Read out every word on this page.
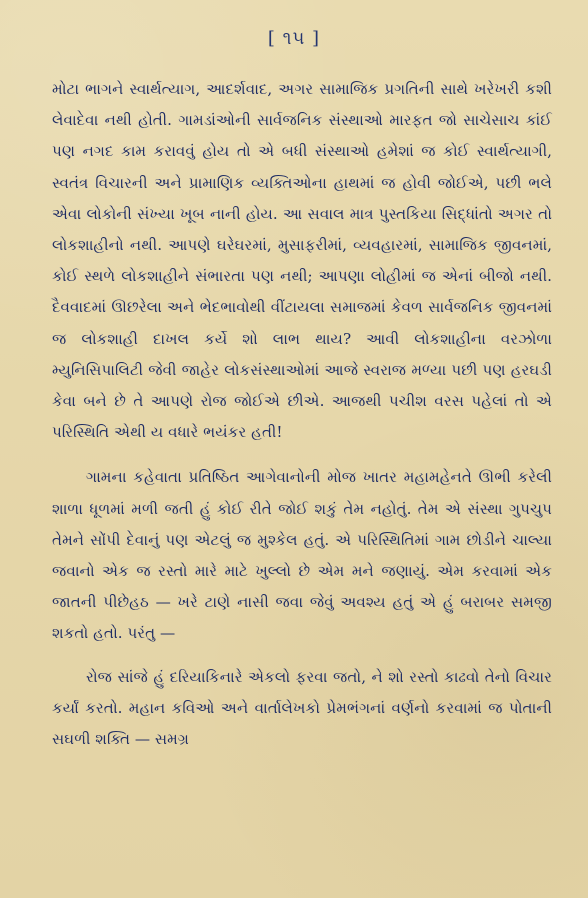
[ ૧૫ ]

મોટા ભાગને સ્વાર્થત્યાગ, આદર્શવાદ, અગર સામાજિક પ્રગતિની સાથે ખરેખરી કશી લેવાદેવા નથી હોતી. ગામડાંઓની સાર્વજનિક સંસ્થાઓ મારફત જો સાચેસાચ કાંઈ પણ નગદ કામ કરાવવું હોય તો એ બધી સંસ્થાઓ હમેશાં જ કોઈ સ્વાર્થત્યાગી, સ્વતંત્ર વિચારની અને પ્રામાણિક વ્યક્તિઓના હાથમાં જ હોવી જોઈએ, પછી ભલે એવા લોકોની સંખ્યા ખૂબ નાની હોય. આ સવાલ માત્ર પુસ્તકિયા સિદ્ધાંતો અગર તો લોકશાહીનો નથી. આપણે ઘરેઘરમાં, મુસાફરીમાં, વ્યવહારમાં, સામાજિક જીવનમાં, કોઈ સ્થળે લોકશાહીને સંભારતા પણ નથી; આપણા લોહીમાં જ એનાં બીજો નથી. દૈવવાદમાં ઊછરેલા અને ભેદભાવોથી વીંટાયલા સમાજમાં કેવળ સાર્વજનિક જીવનમાં જ લોકશાહી દાખલ કર્યે શો લાભ થાય? આવી લોકશાહીના વરઝોળા મ્યુનિસિપાલિટી જેવી જાહેર લોકસંસ્થાઓમાં આજે સ્વરાજ મળ્યા પછી પણ હરઘડી કેવા બને છે તે આપણે રોજ જોઈએ છીએ. આજથી પચીશ વરસ પહેલાં તો એ પરિસ્થિતિ એથી ય વધારે ભયંકર હતી!

ગામના કહેવાતા પ્રતિષ્ઠિત આગેવાનોની મોજ ખાતર મહામહેનતે ઊભી કરેલી શાળા ધૂળમાં મળી જતી હું કોઈ રીતે જોઈ શકું તેમ નહોતું. તેમ એ સંસ્થા ગુપચુપ તેમને સોંપી દેવાનું પણ એટલું જ મુશ્કેલ હતું. એ પરિસ્થિતિમાં ગામ છોડીને ચાલ્યા જવાનો એક જ રસ્તો મારે માટે ખુલ્લો છે એમ મને જણાયું. એમ કરવામાં એક જાતની પીછેહઠ — ખરે ટાણે નાસી જવા જેવું અવશ્ય હતું એ હું બરાબર સમજી શકતો હતો. પરંતુ —

રોજ સાંજે હું દરિયાકિનારે એકલો ફરવા જતો, ને શો રસ્તો કાઢવો તેનો વિચાર કર્યાં કરતો. મહાન કવિઓ અને વાર્તાલેખકો પ્રેમભંગનાં વર્ણનો કરવામાં જ પોતાની સઘળી શક્તિ — સમગ્ર
